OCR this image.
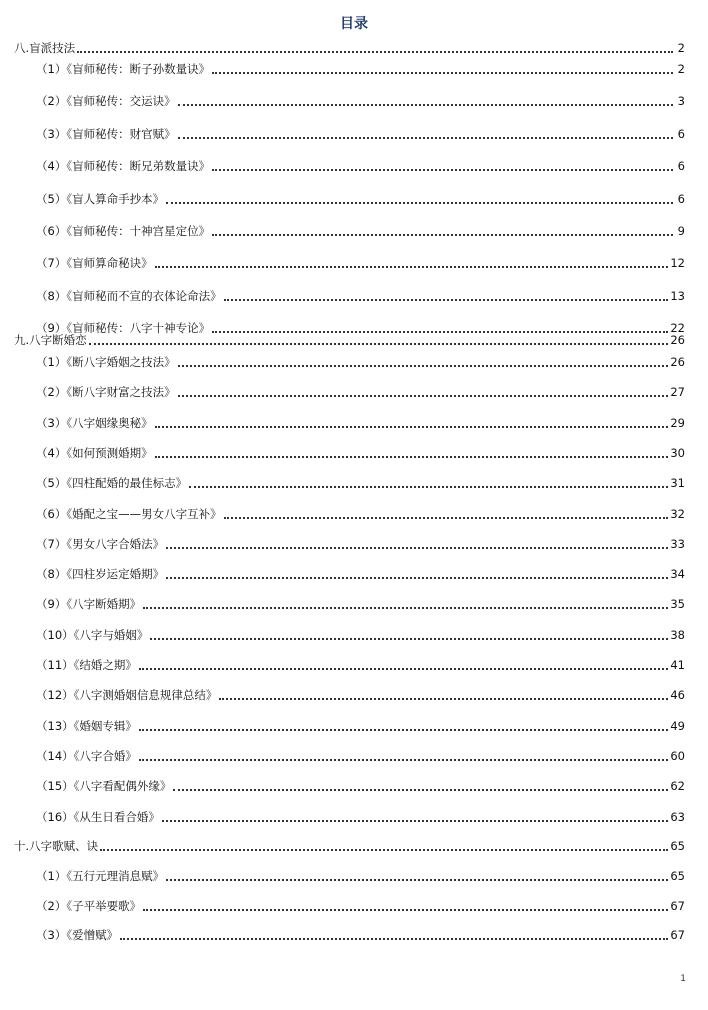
目录
八.盲派技法	2
（1）《盲师秘传：断子孙数量诀》	2
（2）《盲师秘传：交运诀》	3
（3）《盲师秘传：财官赋》	6
（4）《盲师秘传：断兄弟数量诀》	6
（5）《盲人算命手抄本》	6
（6）《盲师秘传：十神宫星定位》	9
（7）《盲师算命秘诀》	12
（8）《盲师秘而不宣的衣体论命法》	13
（9）《盲师秘传：八字十神专论》	22
九.八字断婚恋	26
（1）《断八字婚姻之技法》	26
（2）《断八字财富之技法》	27
（3）《八字姻缘奥秘》	29
（4）《如何预测婚期》	30
（5）《四柱配婚的最佳标志》	31
（6）《婚配之宝——男女八字互补》	32
（7）《男女八字合婚法》	33
（8）《四柱岁运定婚期》	34
（9）《八字断婚期》	35
（10）《八字与婚姻》	38
（11）《结婚之期》	41
（12）《八字测婚姻信息规律总结》	46
（13）《婚姻专辑》	49
（14）《八字合婚》	60
（15）《八字看配偶外缘》	62
（16）《从生日看合婚》	63
十.八字歌赋、诀	65
（1）《五行元理消息赋》	65
（2）《子平举要歌》	67
（3）《爱憎赋》	67
1
